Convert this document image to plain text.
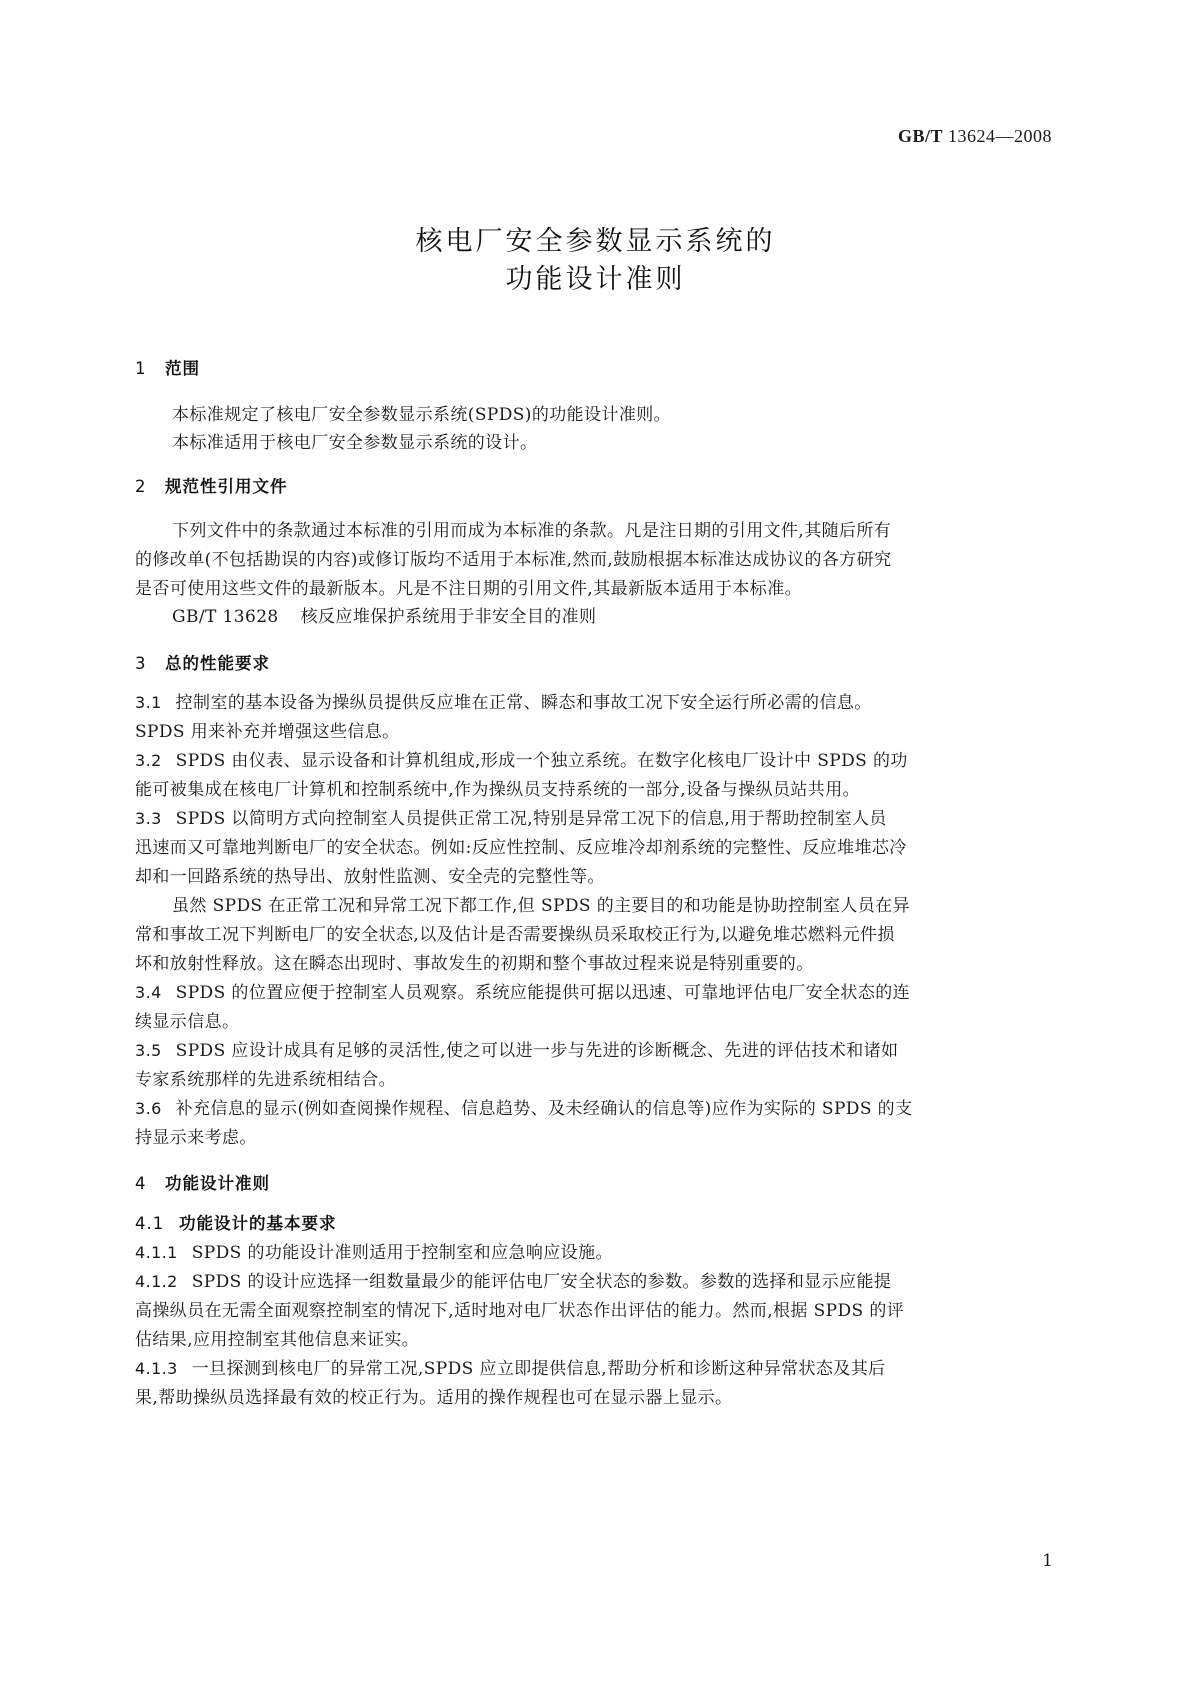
GB/T 13624—2008
核电厂安全参数显示系统的
功能设计准则
1 范围
本标准规定了核电厂安全参数显示系统(SPDS)的功能设计准则。
本标准适用于核电厂安全参数显示系统的设计。
2 规范性引用文件
下列文件中的条款通过本标准的引用而成为本标准的条款。凡是注日期的引用文件,其随后所有
的修改单(不包括勘误的内容)或修订版均不适用于本标准,然而,鼓励根据本标准达成协议的各方研究
是否可使用这些文件的最新版本。凡是不注日期的引用文件,其最新版本适用于本标准。
GB/T 13628 核反应堆保护系统用于非安全目的准则
3 总的性能要求
3.1 控制室的基本设备为操纵员提供反应堆在正常、瞬态和事故工况下安全运行所必需的信息。
SPDS 用来补充并增强这些信息。
3.2 SPDS 由仪表、显示设备和计算机组成,形成一个独立系统。在数字化核电厂设计中 SPDS 的功
能可被集成在核电厂计算机和控制系统中,作为操纵员支持系统的一部分,设备与操纵员站共用。
3.3 SPDS 以简明方式向控制室人员提供正常工况,特别是异常工况下的信息,用于帮助控制室人员
迅速而又可靠地判断电厂的安全状态。例如:反应性控制、反应堆冷却剂系统的完整性、反应堆堆芯冷
却和一回路系统的热导出、放射性监测、安全壳的完整性等。
虽然 SPDS 在正常工况和异常工况下都工作,但 SPDS 的主要目的和功能是协助控制室人员在异
常和事故工况下判断电厂的安全状态,以及估计是否需要操纵员采取校正行为,以避免堆芯燃料元件损
坏和放射性释放。这在瞬态出现时、事故发生的初期和整个事故过程来说是特别重要的。
3.4 SPDS 的位置应便于控制室人员观察。系统应能提供可据以迅速、可靠地评估电厂安全状态的连
续显示信息。
3.5 SPDS 应设计成具有足够的灵活性,使之可以进一步与先进的诊断概念、先进的评估技术和诸如
专家系统那样的先进系统相结合。
3.6 补充信息的显示(例如查阅操作规程、信息趋势、及未经确认的信息等)应作为实际的 SPDS 的支
持显示来考虑。
4 功能设计准则
4.1 功能设计的基本要求
4.1.1 SPDS 的功能设计准则适用于控制室和应急响应设施。
4.1.2 SPDS 的设计应选择一组数量最少的能评估电厂安全状态的参数。参数的选择和显示应能提
高操纵员在无需全面观察控制室的情况下,适时地对电厂状态作出评估的能力。然而,根据 SPDS 的评
估结果,应用控制室其他信息来证实。
4.1.3 一旦探测到核电厂的异常工况,SPDS 应立即提供信息,帮助分析和诊断这种异常状态及其后
果,帮助操纵员选择最有效的校正行为。适用的操作规程也可在显示器上显示。
1
